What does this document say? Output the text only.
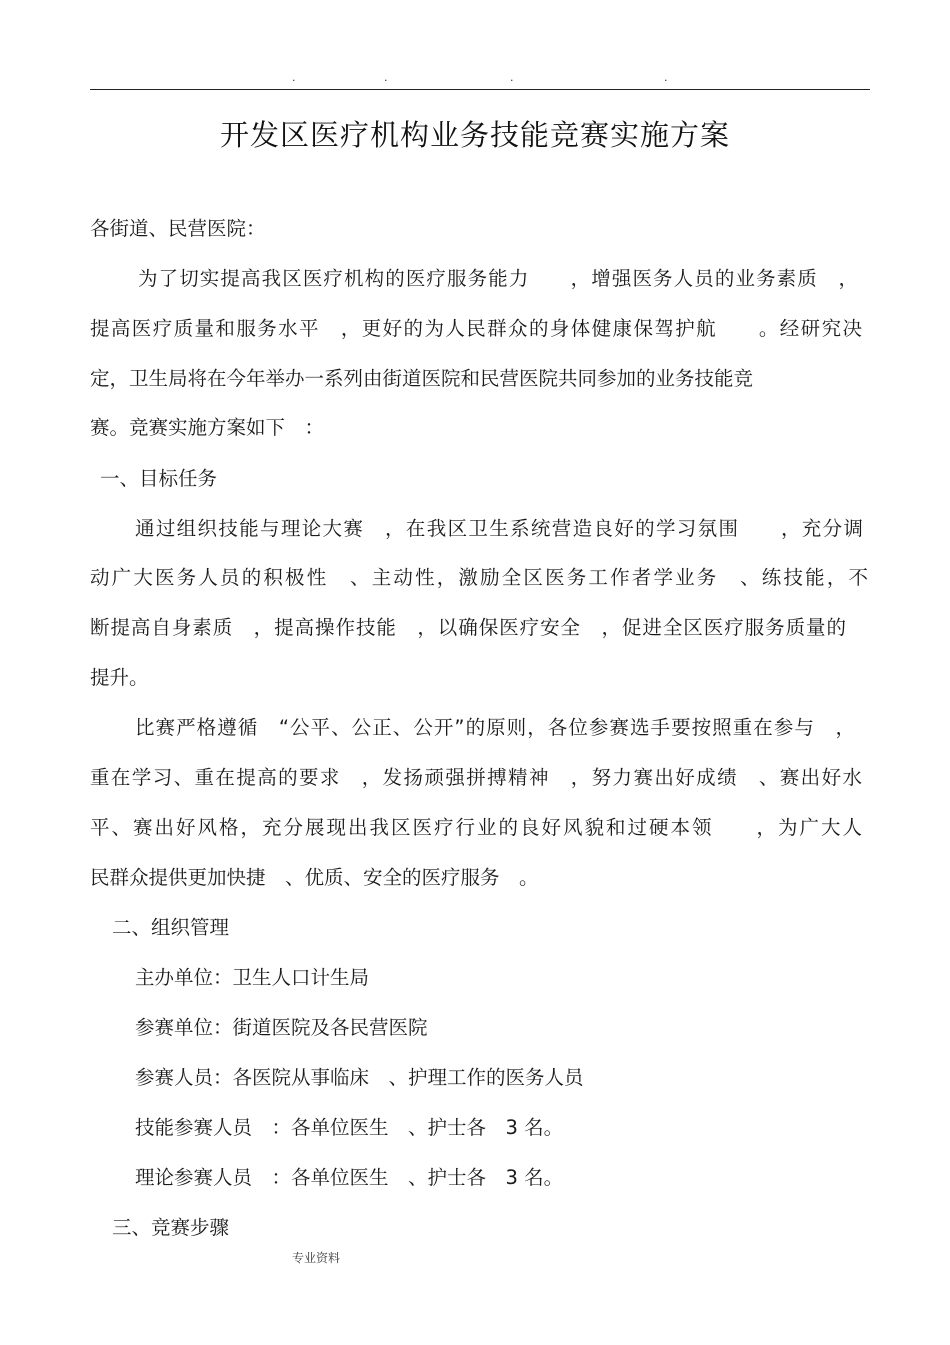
.	.	.	.
开发区医疗机构业务技能竞赛实施方案
各街道、民营医院：
为了切实提高我区医疗机构的医疗服务能力　　，增强医务人员的业务素质　，
提高医疗质量和服务水平　，更好的为人民群众的身体健康保驾护航　　。经研究决
定，卫生局将在今年举办一系列由街道医院和民营医院共同参加的业务技能竞
赛。竞赛实施方案如下　：
一、目标任务
通过组织技能与理论大赛　，在我区卫生系统营造良好的学习氛围　　，充分调
动广大医务人员的积极性　、主动性，激励全区医务工作者学业务　、练技能，不
断提高自身素质　，提高操作技能　，以确保医疗安全　，促进全区医疗服务质量的
提升。
比赛严格遵循　“公平、公正、公开”的原则，各位参赛选手要按照重在参与　，
重在学习、重在提高的要求　，发扬顽强拼搏精神　，努力赛出好成绩　、赛出好水
平、赛出好风格，充分展现出我区医疗行业的良好风貌和过硬本领　　，为广大人
民群众提供更加快捷　、优质、安全的医疗服务　。
二、组织管理
主办单位：卫生人口计生局
参赛单位：街道医院及各民营医院
参赛人员：各医院从事临床　、护理工作的医务人员
技能参赛人员　：各单位医生　、护士各　3 名。
理论参赛人员　：各单位医生　、护士各　3 名。
三、竞赛步骤
专业资料
